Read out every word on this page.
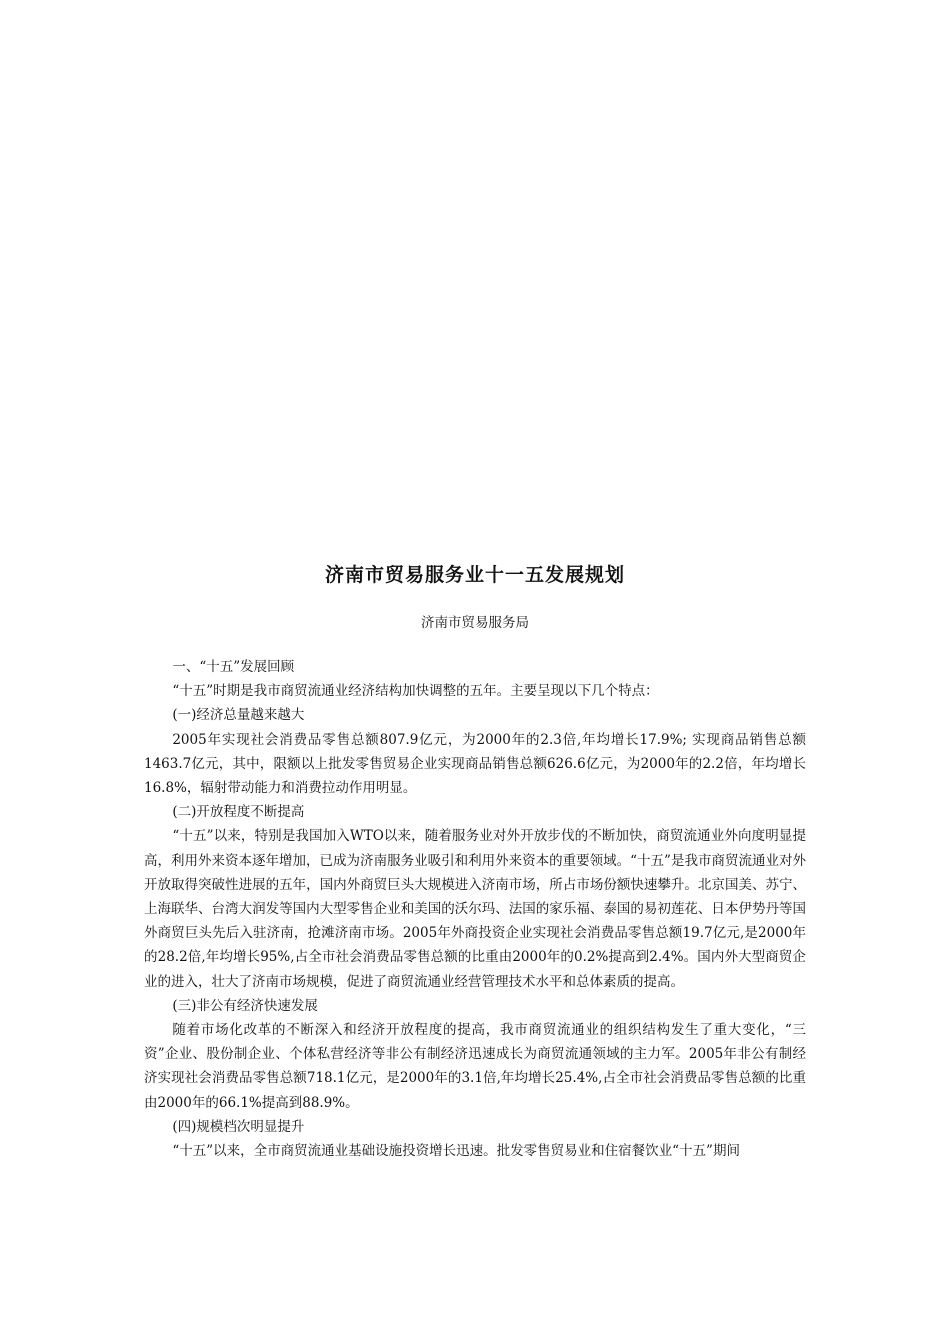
济南市贸易服务业十一五发展规划

济南市贸易服务局

一、“十五”发展回顾

“十五”时期是我市商贸流通业经济结构加快调整的五年。主要呈现以下几个特点：

(一)经济总量越来越大

2005年实现社会消费品零售总额807.9亿元，为2000年的2.3倍,年均增长17.9%; 实现商品销售总额1463.7亿元，其中，限额以上批发零售贸易企业实现商品销售总额626.6亿元，为2000年的2.2倍，年均增长16.8%，辐射带动能力和消费拉动作用明显。

(二)开放程度不断提高

“十五”以来，特别是我国加入WTO以来，随着服务业对外开放步伐的不断加快，商贸流通业外向度明显提高，利用外来资本逐年增加，已成为济南服务业吸引和利用外来资本的重要领域。“十五”是我市商贸流通业对外开放取得突破性进展的五年，国内外商贸巨头大规模进入济南市场，所占市场份额快速攀升。北京国美、苏宁、上海联华、台湾大润发等国内大型零售企业和美国的沃尔玛、法国的家乐福、泰国的易初莲花、日本伊势丹等国外商贸巨头先后入驻济南，抢滩济南市场。2005年外商投资企业实现社会消费品零售总额19.7亿元,是2000年的28.2倍,年均增长95%,占全市社会消费品零售总额的比重由2000年的0.2%提高到2.4%。国内外大型商贸企业的进入，壮大了济南市场规模，促进了商贸流通业经营管理技术水平和总体素质的提高。

(三)非公有经济快速发展

随着市场化改革的不断深入和经济开放程度的提高，我市商贸流通业的组织结构发生了重大变化，“三资”企业、股份制企业、个体私营经济等非公有制经济迅速成长为商贸流通领域的主力军。2005年非公有制经济实现社会消费品零售总额718.1亿元，是2000年的3.1倍,年均增长25.4%,占全市社会消费品零售总额的比重由2000年的66.1%提高到88.9%。

(四)规模档次明显提升

“十五”以来，全市商贸流通业基础设施投资增长迅速。批发零售贸易业和住宿餐饮业“十五”期间
